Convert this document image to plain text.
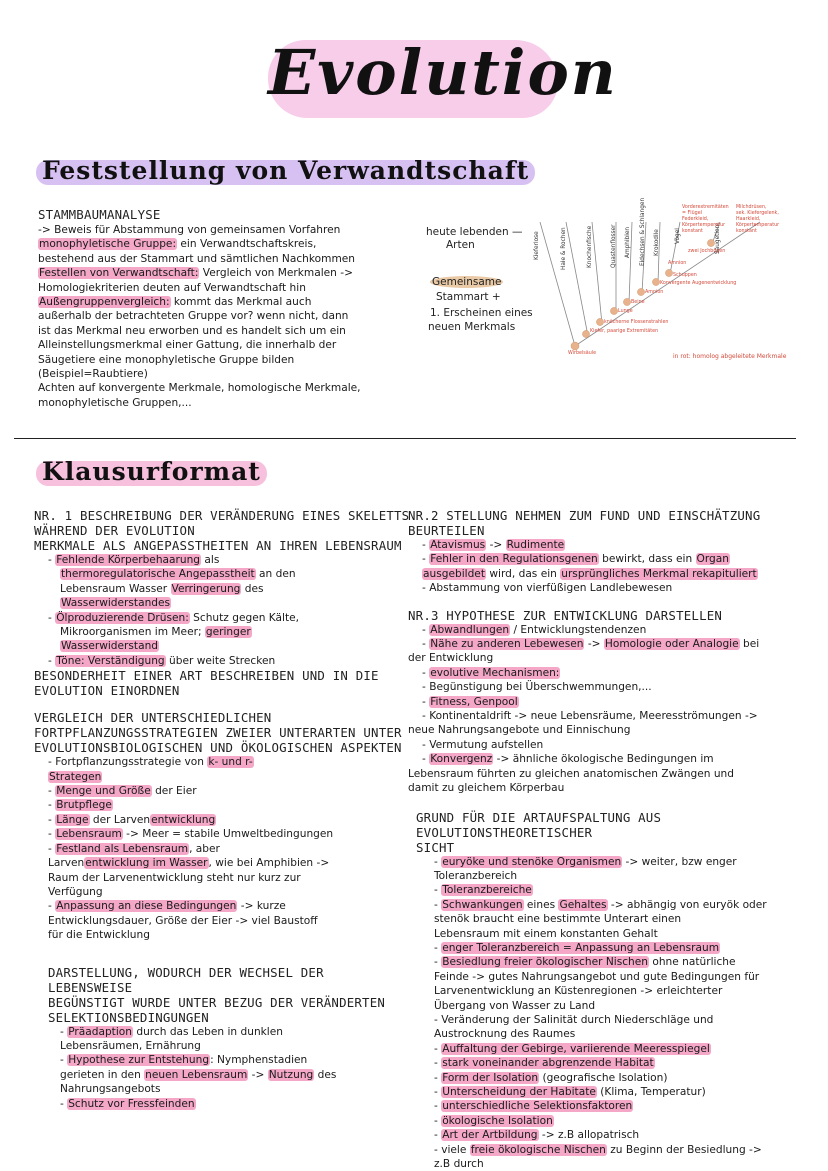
Evolution
Feststellung von Verwandtschaft
STAMMBAUMANALYSE
-> Beweis für Abstammung von gemeinsamen Vorfahren
monophyletische Gruppe: ein Verwandtschaftskreis,
bestehend aus der Stammart und sämtlichen Nachkommen
Festellen von Verwandtschaft: Vergleich von Merkmalen ->
Homologiekriterien deuten auf Verwandtschaft hin
Außengruppenvergleich: kommt das Merkmal auch
außerhalb der betrachteten Gruppe vor? wenn nicht, dann
ist das Merkmal neu erworben und es handelt sich um ein
Alleinstellungsmerkmal einer Gattung, die innerhalb der
Säugetiere eine monophyletische Gruppe bilden
(Beispiel=Raubtiere)
Achten auf konvergente Merkmale, homologische Merkmale,
monophyletische Gruppen,...
heute lebenden —
Arten
Gemeinsame
Stammart +
1. Erscheinen eines
neuen Merkmals
Kieferlose	Haie & Rochen	Knochenfische	Quastenflosser Amphibien Eidechsen & Schlangen Krokodile	Vögel	Säugetiere
Wirbelsäule
Kiefer, paarige Extremitäten
knöcherne Flossenstrahlen
Lunge
Beine
Amnion
Konvergente Augenentwicklung
Schuppen
Amnion
zwei Jochbögen
Vorderextremitäten
= Flügel
Federkleid,
Körpertemperatur
konstant
Milchdrüsen,
sek. Kiefergelenk,
Haarkleid,
Körpertemperatur
konstant
in rot: homolog abgeleitete Merkmale
Klausurformat
NR. 1 BESCHREIBUNG DER VERÄNDERUNG EINES SKELETTS
WÄHREND DER EVOLUTION
MERKMALE ALS ANGEPASSTHEITEN AN IHREN LEBENSRAUM
- Fehlende Körperbehaarung als
thermoregulatorische Angepasstheit an den
Lebensraum Wasser Verringerung des
Wasserwiderstandes
- Ölproduzierende Drüsen: Schutz gegen Kälte,
Mikroorganismen im Meer; geringer
Wasserwiderstand
- Töne: Verständigung über weite Strecken
BESONDERHEIT EINER ART BESCHREIBEN UND IN DIE
EVOLUTION EINORDNEN
VERGLEICH DER UNTERSCHIEDLICHEN
FORTPFLANZUNGSSTRATEGIEN ZWEIER UNTERARTEN UNTER
EVOLUTIONSBIOLOGISCHEN UND ÖKOLOGISCHEN ASPEKTEN
- Fortpflanzungsstrategie von k- und r-
Strategen
- Menge und Größe der Eier
- Brutpflege
- Länge der Larvenentwicklung
- Lebensraum -> Meer = stabile Umweltbedingungen
- Festland als Lebensraum, aber
Larvenentwicklung im Wasser, wie bei Amphibien ->
Raum der Larvenentwicklung steht nur kurz zur
Verfügung
- Anpassung an diese Bedingungen -> kurze
Entwicklungsdauer, Größe der Eier -> viel Baustoff
für die Entwicklung
DARSTELLUNG, WODURCH DER WECHSEL DER LEBENSWEISE
BEGÜNSTIGT WURDE UNTER BEZUG DER VERÄNDERTEN
SELEKTIONSBEDINGUNGEN
- Präadaption durch das Leben in dunklen
Lebensräumen, Ernährung
- Hypothese zur Entstehung: Nymphenstadien
gerieten in den neuen Lebensraum -> Nutzung des
Nahrungsangebots
- Schutz vor Fressfeinden
NR.2 STELLUNG NEHMEN ZUM FUND UND EINSCHÄTZUNG BEURTEILEN
- Atavismus -> Rudimente
- Fehler in den Regulationsgenen bewirkt, dass ein Organ
ausgebildet wird, das ein ursprüngliches Merkmal rekapituliert
- Abstammung von vierfüßigen Landlebewesen
NR.3 HYPOTHESE ZUR ENTWICKLUNG DARSTELLEN
- Abwandlungen / Entwicklungstendenzen
- Nähe zu anderen Lebewesen -> Homologie oder Analogie bei
der Entwicklung
- evolutive Mechanismen:
- Begünstigung bei Überschwemmungen,...
- Fitness, Genpool
- Kontinentaldrift -> neue Lebensräume, Meeresströmungen ->
neue Nahrungsangebote und Einnischung
- Vermutung aufstellen
- Konvergenz -> ähnliche ökologische Bedingungen im
Lebensraum führten zu gleichen anatomischen Zwängen und
damit zu gleichem Körperbau
GRUND FÜR DIE ARTAUFSPALTUNG AUS EVOLUTIONSTHEORETISCHER
SICHT
- euryöke und stenöke Organismen -> weiter, bzw enger
Toleranzbereich
- Toleranzbereiche
- Schwankungen eines Gehaltes -> abhängig von euryök oder
stenök braucht eine bestimmte Unterart einen
Lebensraum mit einem konstanten Gehalt
- enger Toleranzbereich = Anpassung an Lebensraum
- Besiedlung freier ökologischer Nischen ohne natürliche
Feinde -> gutes Nahrungsangebot und gute Bedingungen für
Larvenentwicklung an Küstenregionen -> erleichterter
Übergang von Wasser zu Land
- Veränderung der Salinität durch Niederschläge und
Austrocknung des Raumes
- Auffaltung der Gebirge, variierende Meeresspiegel
- stark voneinander abgrenzende Habitat
- Form der Isolation (geografische Isolation)
- Unterscheidung der Habitate (Klima, Temperatur)
- unterschiedliche Selektionsfaktoren
- ökologische Isolation
- Art der Artbildung -> z.B allopatrisch
- viele freie ökologische Nischen zu Beginn der Besiedlung ->
z.B durch
